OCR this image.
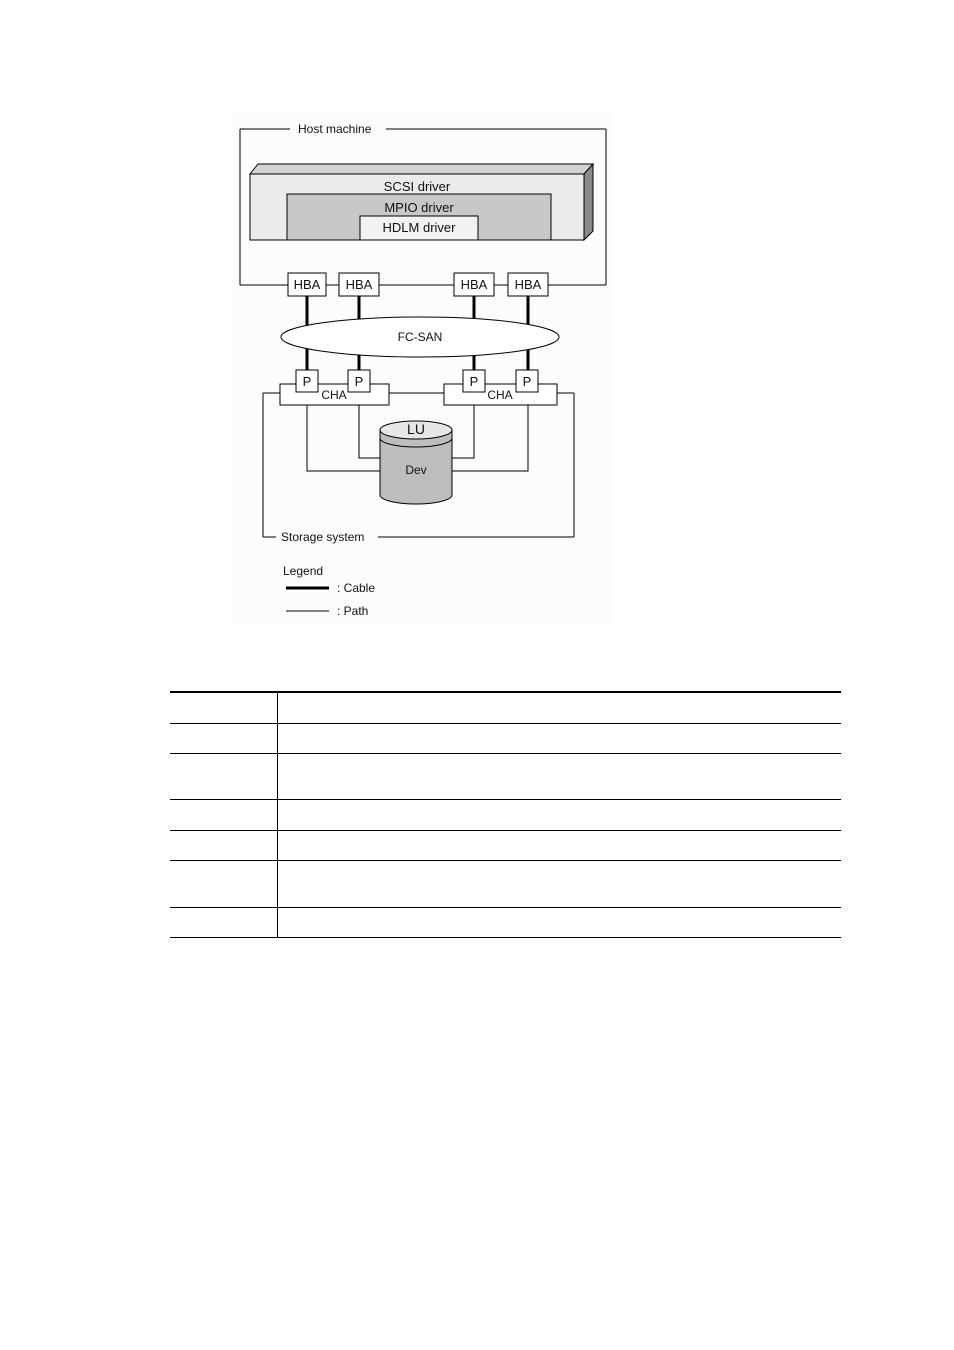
Host machine
SCSI driver
MPIO driver
HDLM driver
HBA HBA	HBA HBA
FC-SAN
Storage system
CHA	CHA
P	P	P	P
LU
Dev
Legend
: Cable
: Path
